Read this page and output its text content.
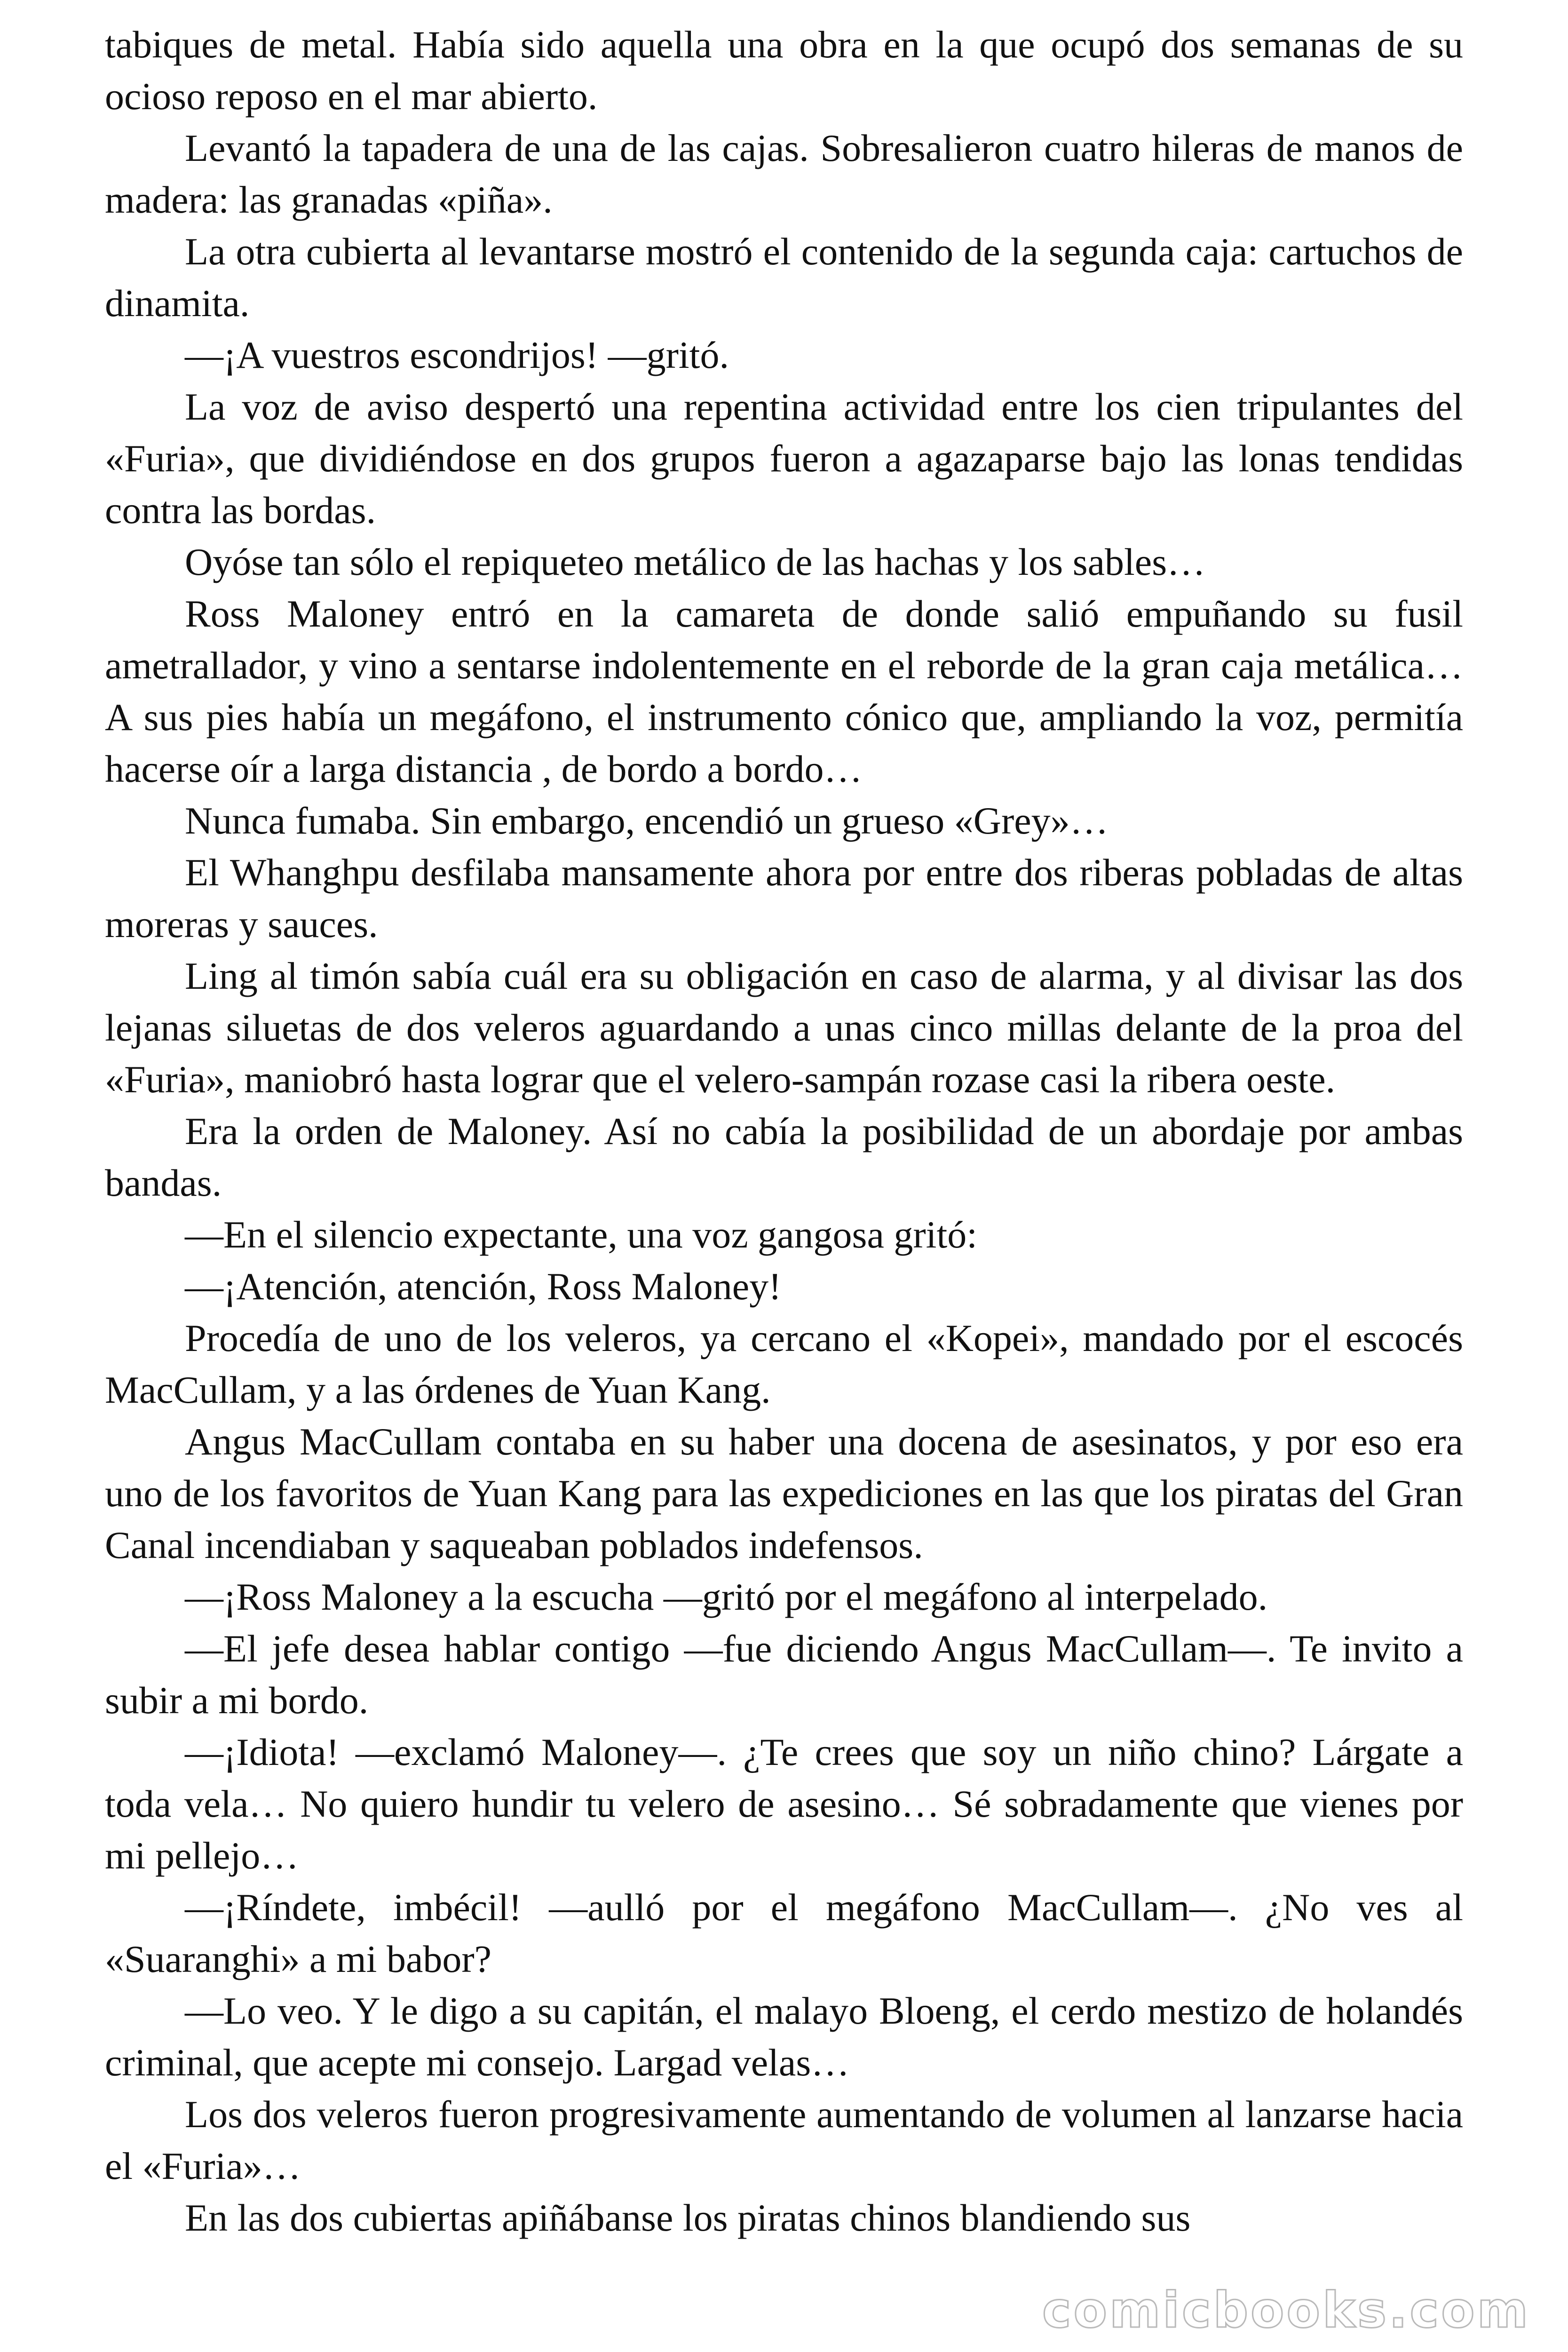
tabiques de metal. Había sido aquella una obra en la que ocupó dos semanas de su ocioso reposo en el mar abierto.

Levantó la tapadera de una de las cajas. Sobresalieron cuatro hileras de manos de madera: las granadas «piña».

La otra cubierta al levantarse mostró el contenido de la segunda caja: cartuchos de dinamita.

—¡A vuestros escondrijos! —gritó.

La voz de aviso despertó una repentina actividad entre los cien tripulantes del «Furia», que dividiéndose en dos grupos fueron a agazaparse bajo las lonas tendidas contra las bordas.

Oyóse tan sólo el repiqueteo metálico de las hachas y los sables…

Ross Maloney entró en la camareta de donde salió empuñando su fusil ametrallador, y vino a sentarse indolentemente en el reborde de la gran caja metálica… A sus pies había un megáfono, el instrumento cónico que, ampliando la voz, permitía hacerse oír a larga distancia , de bordo a bordo…

Nunca fumaba. Sin embargo, encendió un grueso «Grey»…

El Whanghpu desfilaba mansamente ahora por entre dos riberas pobladas de altas moreras y sauces.

Ling al timón sabía cuál era su obligación en caso de alarma, y al divisar las dos lejanas siluetas de dos veleros aguardando a unas cinco millas delante de la proa del «Furia», maniobró hasta lograr que el velero-sampán rozase casi la ribera oeste.

Era la orden de Maloney. Así no cabía la posibilidad de un abordaje por ambas bandas.

—En el silencio expectante, una voz gangosa gritó:

—¡Atención, atención, Ross Maloney!

Procedía de uno de los veleros, ya cercano el «Kopei», mandado por el escocés MacCullam, y a las órdenes de Yuan Kang.

Angus MacCullam contaba en su haber una docena de asesinatos, y por eso era uno de los favoritos de Yuan Kang para las expediciones en las que los piratas del Gran Canal incendiaban y saqueaban poblados indefensos.

—¡Ross Maloney a la escucha —gritó por el megáfono al interpelado.

—El jefe desea hablar contigo —fue diciendo Angus MacCullam—. Te invito a subir a mi bordo.

—¡Idiota! —exclamó Maloney—. ¿Te crees que soy un niño chino? Lárgate a toda vela… No quiero hundir tu velero de asesino… Sé sobradamente que vienes por mi pellejo…

—¡Ríndete, imbécil! —aulló por el megáfono MacCullam—. ¿No ves al «Suaranghi» a mi babor?

—Lo veo. Y le digo a su capitán, el malayo Bloeng, el cerdo mestizo de holandés criminal, que acepte mi consejo. Largad velas…

Los dos veleros fueron progresivamente aumentando de volumen al lanzarse hacia el «Furia»…

En las dos cubiertas apiñábanse los piratas chinos blandiendo sus

comicbooks.com
